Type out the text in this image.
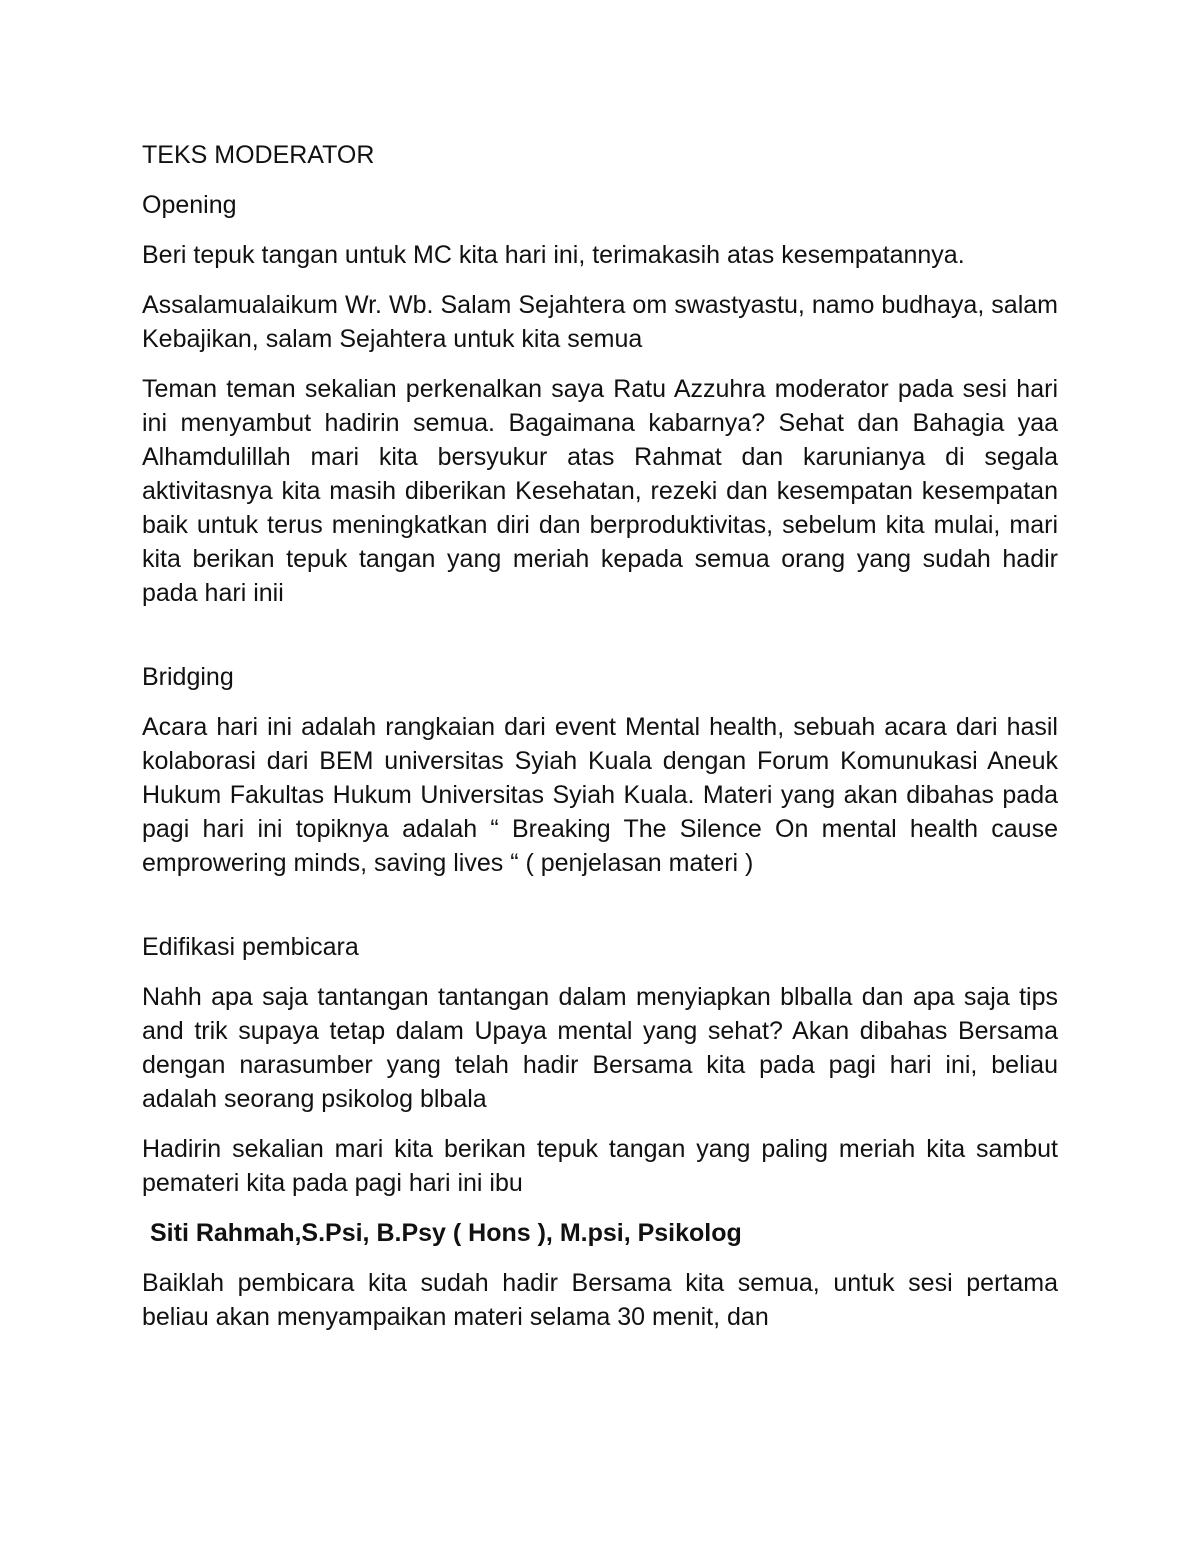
TEKS MODERATOR

Opening

Beri tepuk tangan untuk MC kita hari ini, terimakasih atas kesempatannya.

Assalamualaikum Wr. Wb. Salam Sejahtera om swastyastu, namo budhaya, salam Kebajikan, salam Sejahtera untuk kita semua

Teman teman sekalian perkenalkan saya Ratu Azzuhra moderator pada sesi hari ini menyambut hadirin semua. Bagaimana kabarnya? Sehat dan Bahagia yaa Alhamdulillah mari kita bersyukur atas Rahmat dan karunianya di segala aktivitasnya kita masih diberikan Kesehatan, rezeki dan kesempatan kesempatan baik untuk terus meningkatkan diri dan berproduktivitas, sebelum kita mulai, mari kita berikan tepuk tangan yang meriah kepada semua orang yang sudah hadir pada hari inii

Bridging

Acara hari ini adalah rangkaian dari event Mental health, sebuah acara dari hasil kolaborasi dari BEM universitas Syiah Kuala dengan Forum Komunukasi Aneuk Hukum Fakultas Hukum Universitas Syiah Kuala. Materi yang akan dibahas pada pagi hari ini topiknya adalah “ Breaking The Silence On mental health cause emprowering minds, saving lives “ ( penjelasan materi )

Edifikasi pembicara

Nahh apa saja tantangan tantangan dalam menyiapkan blballa dan apa saja tips and trik supaya tetap dalam Upaya mental yang sehat? Akan dibahas Bersama dengan narasumber yang telah hadir Bersama kita pada pagi hari ini, beliau adalah seorang psikolog blbala

Hadirin sekalian mari kita berikan tepuk tangan yang paling meriah kita sambut pemateri kita pada pagi hari ini ibu

Siti Rahmah,S.Psi, B.Psy ( Hons ), M.psi, Psikolog

Baiklah pembicara kita sudah hadir Bersama kita semua, untuk sesi pertama beliau akan menyampaikan materi selama 30 menit, dan
